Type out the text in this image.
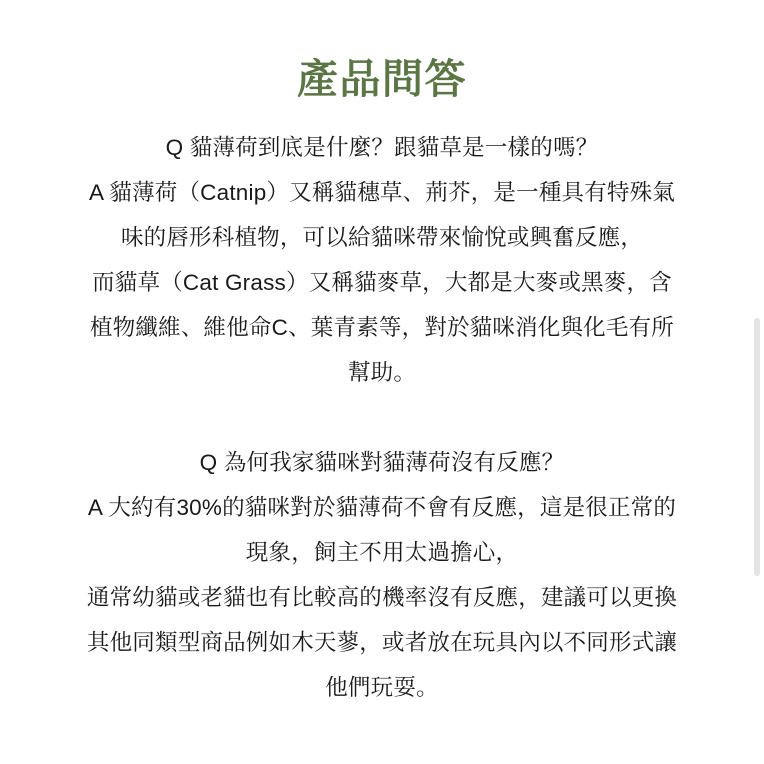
產品問答

Q 貓薄荷到底是什麼？跟貓草是一樣的嗎？

A 貓薄荷（Catnip）又稱貓穗草、荊芥，是一種具有特殊氣

味的唇形科植物，可以給貓咪帶來愉悅或興奮反應，

而貓草（Cat Grass）又稱貓麥草，大都是大麥或黑麥，含

植物纖維、維他命C、葉青素等，對於貓咪消化與化毛有所

幫助。

Q 為何我家貓咪對貓薄荷沒有反應？

A 大約有30%的貓咪對於貓薄荷不會有反應，這是很正常的

現象，飼主不用太過擔心，

通常幼貓或老貓也有比較高的機率沒有反應，建議可以更換

其他同類型商品例如木天蓼，或者放在玩具內以不同形式讓

他們玩耍。
